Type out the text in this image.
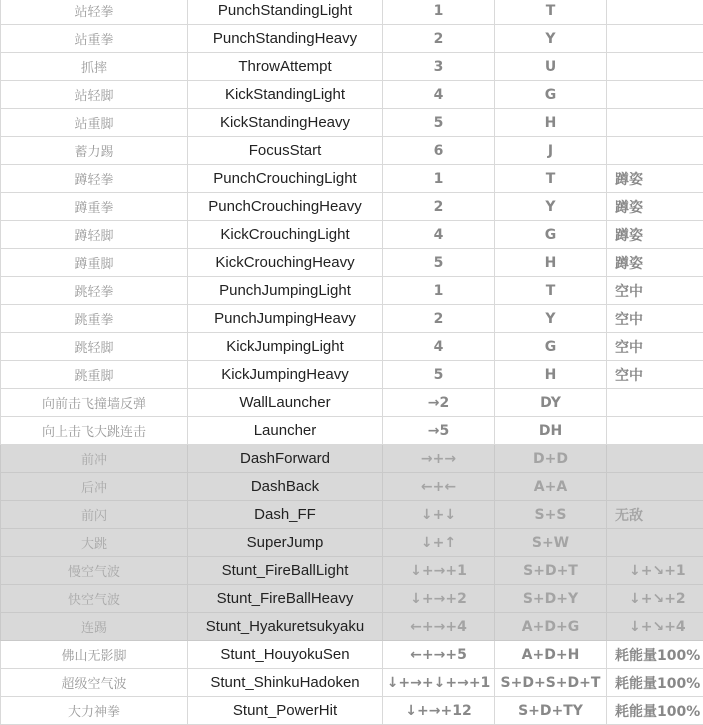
站轻拳	PunchStandingLight	1	T	
站重拳	PunchStandingHeavy	2	Y	
抓摔	ThrowAttempt	3	U	
站轻脚	KickStandingLight	4	G	
站重脚	KickStandingHeavy	5	H	
蓄力踢	FocusStart	6	J	
蹲轻拳	PunchCrouchingLight	1	T	蹲姿
蹲重拳	PunchCrouchingHeavy	2	Y	蹲姿
蹲轻脚	KickCrouchingLight	4	G	蹲姿
蹲重脚	KickCrouchingHeavy	5	H	蹲姿
跳轻拳	PunchJumpingLight	1	T	空中
跳重拳	PunchJumpingHeavy	2	Y	空中
跳轻脚	KickJumpingLight	4	G	空中
跳重脚	KickJumpingHeavy	5	H	空中
向前击飞撞墙反弹	WallLauncher	→2	DY	
向上击飞大跳连击	Launcher	→5	DH	
前冲	DashForward	→+→	D+D	
后冲	DashBack	←+←	A+A	
前闪	Dash_FF	↓+↓	S+S	无敌
大跳	SuperJump	↓+↑	S+W	
慢空气波	Stunt_FireBallLight	↓+→+1	S+D+T	↓+↘+1
快空气波	Stunt_FireBallHeavy	↓+→+2	S+D+Y	↓+↘+2
连踢	Stunt_Hyakuretsukyaku	←+→+4	A+D+G	↓+↘+4
佛山无影脚	Stunt_HouyokuSen	←+→+5	A+D+H	耗能量100%
超级空气波	Stunt_ShinkuHadoken	↓+→+↓+→+1	S+D+S+D+T	耗能量100%
大力神拳	Stunt_PowerHit	↓+→+12	S+D+TY	耗能量100%
